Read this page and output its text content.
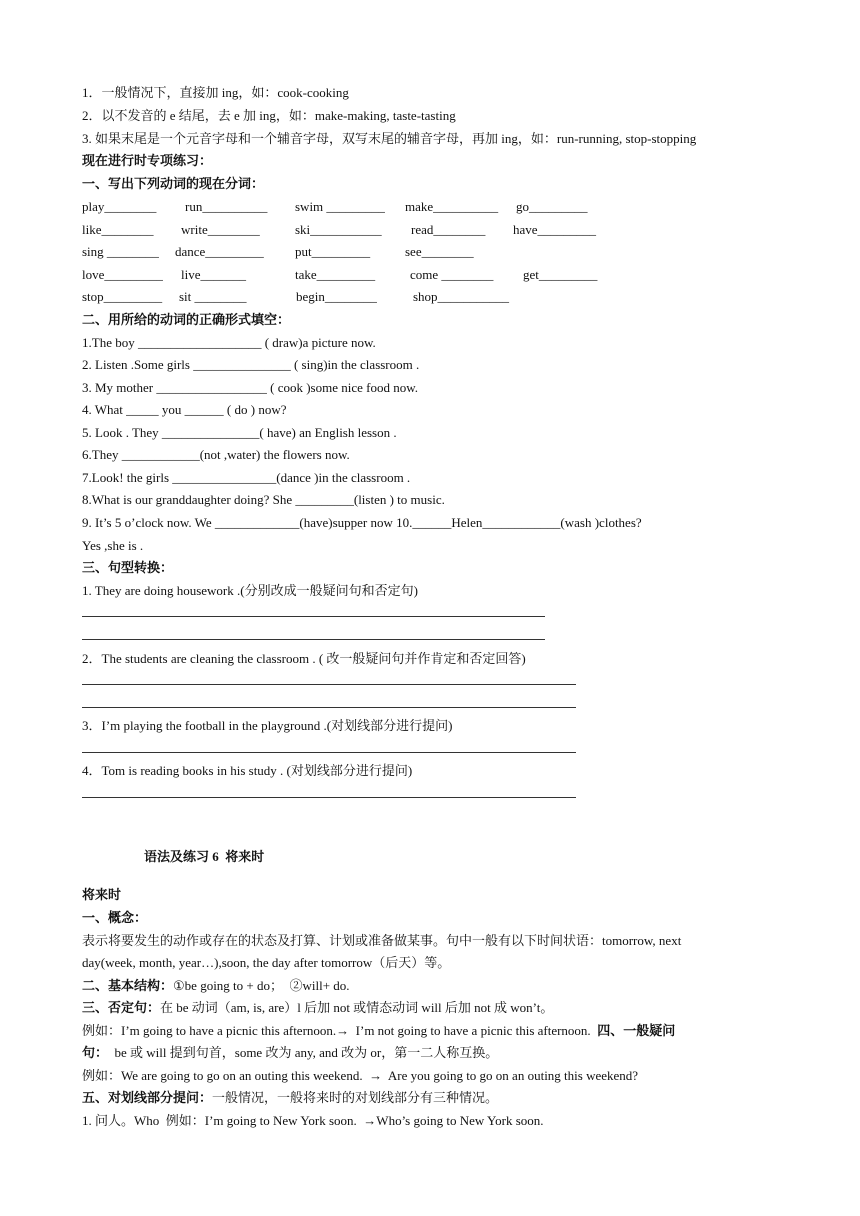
1．一般情况下，直接加 ing，如：cook-cooking
2．以不发音的 e 结尾，去 e 加 ing，如：make-making, taste-tasting
3. 如果末尾是一个元音字母和一个辅音字母，双写末尾的辅音字母，再加 ing，如：run-running, stop-stopping
现在进行时专项练习：
一、写出下列动词的现在分词：
play________ run__________ swim _________ make__________ go_________
like________ write________	ski___________ read________ have_________
sing ________ dance_________ put_________	see________
love_________ live_______	take_________	come ________ get_________
stop_________ sit ________	begin________	shop___________
二、用所给的动词的正确形式填空：
1.The boy ___________________ ( draw)a picture now.
2. Listen .Some girls _______________ ( sing)in the classroom .
3. My mother _________________ ( cook )some nice food now.
4. What _____ you ______ ( do ) now?
5. Look . They _______________( have) an English lesson .
6.They ____________(not ,water) the flowers now.
7.Look! the girls ________________(dance )in the classroom .
8.What is our granddaughter doing? She _________(listen ) to music.
9. It’s 5 o’clock now. We _____________(have)supper now 10.______Helen____________(wash )clothes?
Yes ,she is .
三、句型转换：
1. They are doing housework .(分别改成一般疑问句和否定句)
2．The students are cleaning the classroom . ( 改一般疑问句并作肯定和否定回答)
3．I’m playing the football in the playground .(对划线部分进行提问)
4．Tom is reading books in his study . (对划线部分进行提问)
语法及练习 6  将来时
将来时
一、概念：
表示将要发生的动作或存在的状态及打算、计划或准备做某事。句中一般有以下时间状语：tomorrow, next
day(week, month, year…),soon, the day after tomorrow（后天）等。
二、基本结构：①be going to + do；  ②will+ do.
三、否定句：在 be 动词（am, is, are）l 后加 not 或情态动词 will 后加 not 成 won’t。
例如：I’m going to have a picnic this afternoon.→  I’m not going to have a picnic this afternoon.  四、一般疑问
句：  be 或 will 提到句首，some 改为 any, and 改为 or，第一二人称互换。
例如：We are going to go on an outing this weekend.  →  Are you going to go on an outing this weekend?
五、对划线部分提问：一般情况，一般将来时的对划线部分有三种情况。
1. 问人。Who  例如：I’m going to New York soon.  →Who’s going to New York soon.
